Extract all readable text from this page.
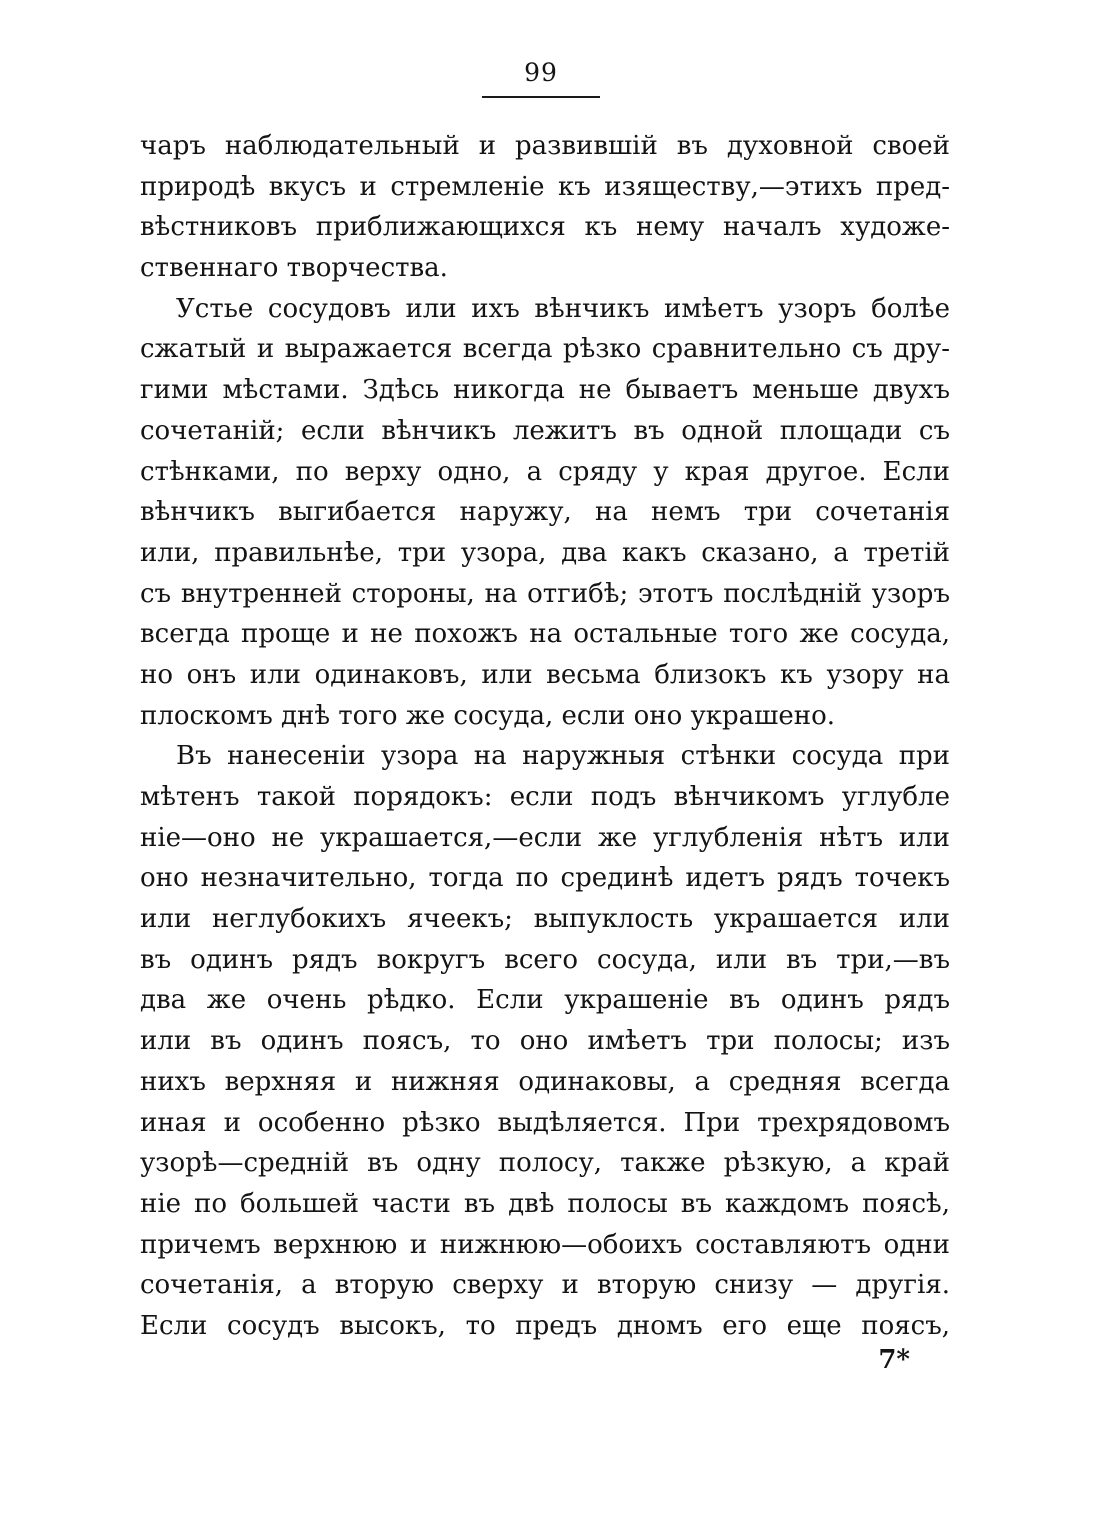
99
чаръ наблюдательный и развившій въ духовной своей
природѣ вкусъ и стремленіе къ изяществу,—этихъ пред-
вѣстниковъ приближающихся къ нему началъ художе-
ственнаго творчества.
Устье сосудовъ или ихъ вѣнчикъ имѣетъ узоръ болѣе
сжатый и выражается всегда рѣзко сравнительно съ дру-
гими мѣстами. Здѣсь никогда не бываетъ меньше двухъ
сочетаній; если вѣнчикъ лежитъ въ одной площади съ
стѣнками, по верху одно, а сряду у края другое. Если
вѣнчикъ выгибается наружу, на немъ три сочетанія
или, правильнѣе, три узора, два какъ сказано, а третій
съ внутренней стороны, на отгибѣ; этотъ послѣдній узоръ
всегда проще и не похожъ на остальные того же сосуда,
но онъ или одинаковъ, или весьма близокъ къ узору на
плоскомъ днѣ того же сосуда, если оно украшено.
Въ нанесеніи узора на наружныя стѣнки сосуда при
мѣтенъ такой порядокъ: если подъ вѣнчикомъ углубле
ніе—оно не украшается,—если же углубленія нѣтъ или
оно незначительно, тогда по срединѣ идетъ рядъ точекъ
или неглубокихъ ячеекъ; выпуклость украшается или
въ одинъ рядъ вокругъ всего сосуда, или въ три,—въ
два же очень рѣдко. Если украшеніе въ одинъ рядъ
или въ одинъ поясъ, то оно имѣетъ три полосы; изъ
нихъ верхняя и нижняя одинаковы, а средняя всегда
иная и особенно рѣзко выдѣляется. При трехрядовомъ
узорѣ—средній въ одну полосу, также рѣзкую, а край
ніе по большей части въ двѣ полосы въ каждомъ поясѣ,
причемъ верхнюю и нижнюю—обоихъ составляютъ одни
сочетанія, а вторую сверху и вторую снизу — другія.
Если сосудъ высокъ, то предъ дномъ его еще поясъ,
7*
